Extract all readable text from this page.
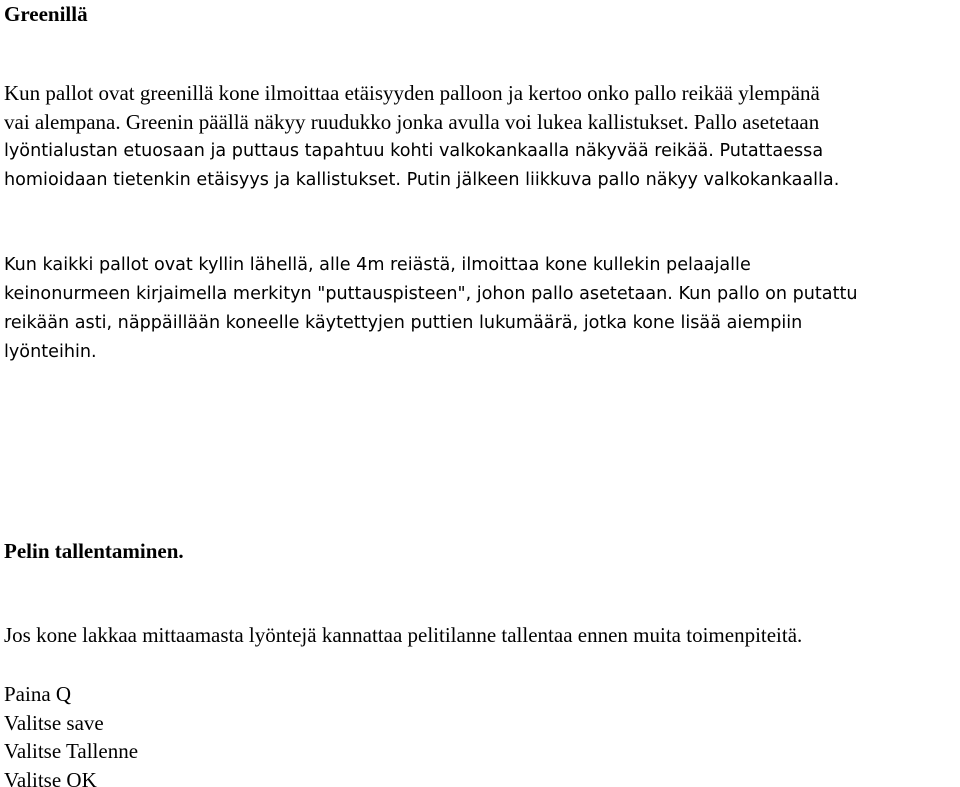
Greenillä

Kun pallot ovat greenillä kone ilmoittaa etäisyyden palloon ja kertoo onko pallo reikää ylempänä
vai alempana. Greenin päällä näkyy ruudukko jonka avulla voi lukea kallistukset. Pallo asetetaan
lyöntialustan etuosaan ja puttaus tapahtuu kohti valkokankaalla näkyvää reikää. Putattaessa
homioidaan tietenkin etäisyys ja kallistukset. Putin jälkeen liikkuva pallo näkyy valkokankaalla.

Kun kaikki pallot ovat kyllin lähellä, alle 4m reiästä, ilmoittaa kone kullekin pelaajalle
keinonurmeen kirjaimella merkityn "puttauspisteen", johon pallo asetetaan. Kun pallo on putattu
reikään asti, näppäillään koneelle käytettyjen puttien lukumäärä, jotka kone lisää aiempiin
lyönteihin.

Pelin tallentaminen.

Jos kone lakkaa mittaamasta lyöntejä kannattaa pelitilanne tallentaa ennen muita toimenpiteitä.

Paina Q
Valitse save
Valitse Tallenne
Valitse OK
